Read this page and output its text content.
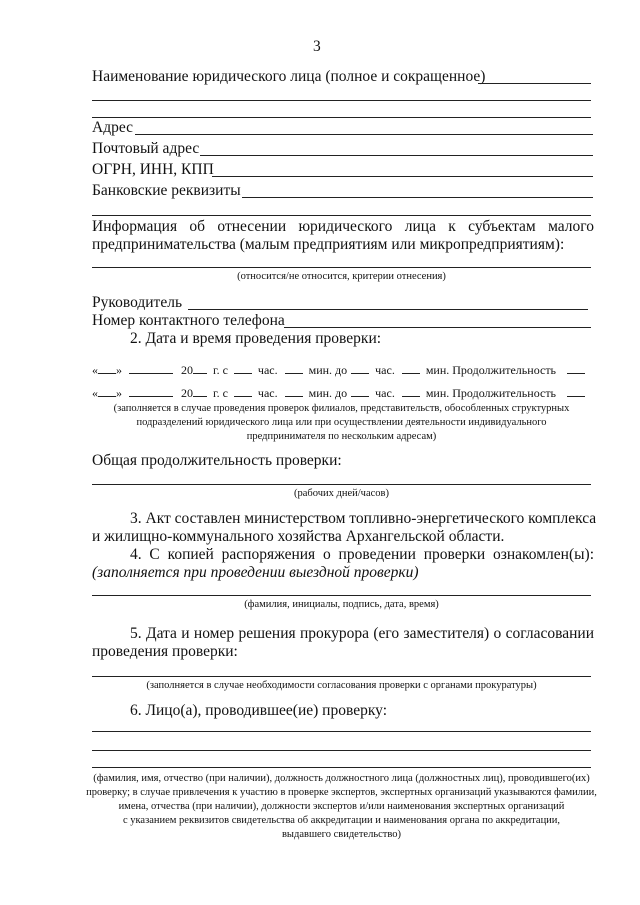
3
Наименование юридического лица (полное и сокращенное)
Адрес
Почтовый адрес
ОГРН, ИНН, КПП
Банковские реквизиты
Информация об отнесении юридического лица к субъектам малого
предпринимательства (малым предприятиям или микропредприятиям):
(относится/не относится, критерии отнесения)
Руководитель
Номер контактного телефона
2. Дата и время проведения проверки:
« »	20 г. с	час.	мин. до час.	мин. Продолжительность
« »	20 г. с	час.	мин. до час.	мин. Продолжительность
(заполняется в случае проведения проверок филиалов, представительств, обособленных структурных
подразделений юридического лица или при осуществлении деятельности индивидуального
предпринимателя по нескольким адресам)
Общая продолжительность проверки:
(рабочих дней/часов)
3. Акт составлен министерством топливно-энергетического комплекса
и жилищно-коммунального хозяйства Архангельской области.
4. С копией распоряжения о проведении проверки ознакомлен(ы):
(заполняется при проведении выездной проверки)
(фамилия, инициалы, подпись, дата, время)
5. Дата и номер решения прокурора (его заместителя) о согласовании
проведения проверки:
(заполняется в случае необходимости согласования проверки с органами прокуратуры)
6. Лицо(а), проводившее(ие) проверку:
(фамилия, имя, отчество (при наличии), должность должностного лица (должностных лиц), проводившего(их)
проверку; в случае привлечения к участию в проверке экспертов, экспертных организаций указываются фамилии,
имена, отчества (при наличии), должности экспертов и/или наименования экспертных организаций
с указанием реквизитов свидетельства об аккредитации и наименования органа по аккредитации,
выдавшего свидетельство)
